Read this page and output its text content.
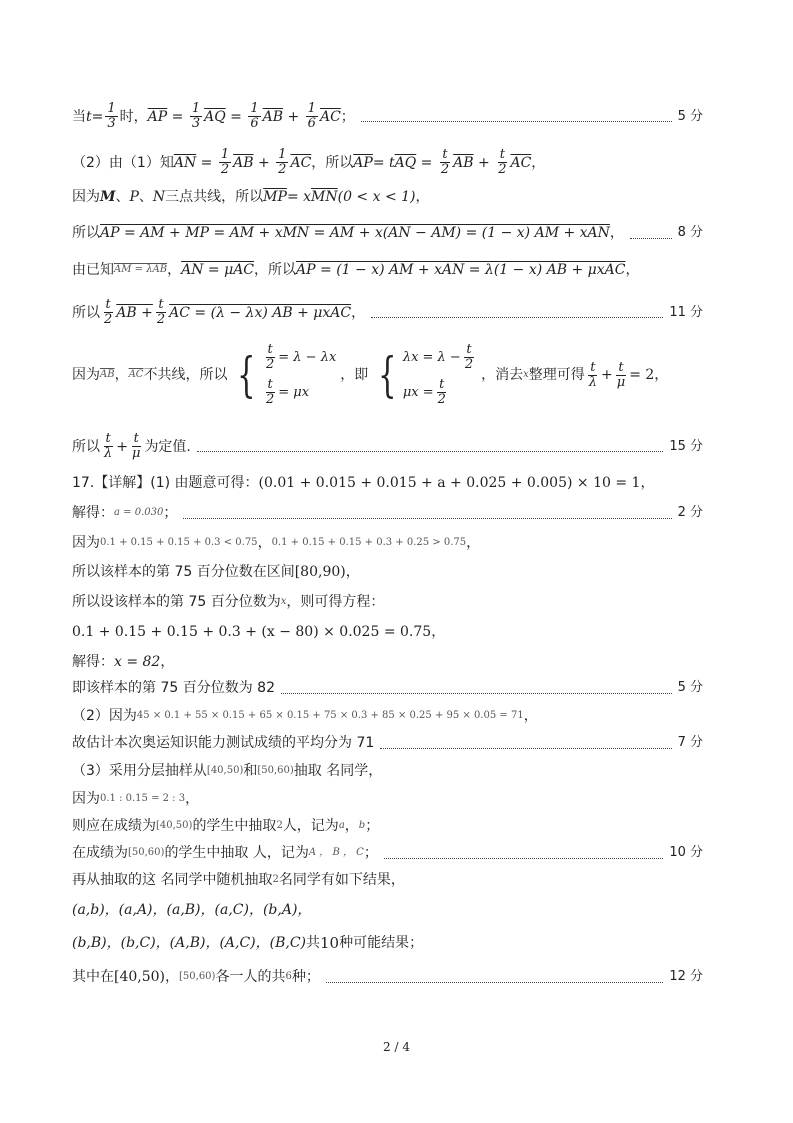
当 $t = \frac{1}{3}$ 时， $\overline{AP} = \frac{1}{3} \overline{AQ} = \frac{1}{6} \overline{AB} + \frac{1}{6} \overline{AC}$ ；	5 分
（2）由（1）知 $\overline{AN} = \frac{1}{2} \overline{AB} + \frac{1}{2} \overline{AC}$ ，所以 $\overline{AP} = t$ $\overline{AQ} = \frac{t}{2} \overline{AB} + \frac{t}{2} \overline{AC}$ ，
因为 M 、 P 、 N 三点共线，所以 $\overline{MP} = x$ $\overline{MN}$ (0 < x < 1) ，
所以 AP = AM + MP = AM + xMN = AM + x(AN − AM) = (1 − x) AM + xAN ，	8 分
由已知 AM = λAB ， AN = μAC ，所以 AP = (1 − x) AM + xAN = λ(1 − x) AB + μxAC ，
所以 $\frac{t}{2}$ AB + $\frac{t}{2}$ AC = (λ − λx) AB + μxAC ，	11 分
因为 $\overline{AB}$ ， $\overline{AC}$ 不共线，所以 { $\frac{t}{2} = \lambda - \lambda x$
$\frac{t}{2} = \mu x$
，即 { $\lambda x = \lambda - \frac{t}{2}$
$\mu x = \frac{t}{2}$
，消去 x 整理可得 $\frac{t}{\lambda} + \frac{t}{\mu} = 2$ ，
所以 $\frac{t}{\lambda} + \frac{t}{\mu}$ 为定值.	15 分
17.【详解】(1) 由题意可得： (0.01 + 0.015 + 0.015 + a + 0.025 + 0.005) × 10 = 1 ，
解得： a = 0.030 ；	2 分
因为 0.1 + 0.15 + 0.15 + 0.3 < 0.75 ， 0.1 + 0.15 + 0.15 + 0.3 + 0.25 > 0.75 ，
所以该样本的第 75 百分位数在区间 [80,90) ，
所以设该样本的第 75 百分位数为 x ，则可得方程：
0.1 + 0.15 + 0.15 + 0.3 + (x − 80) × 0.025 = 0.75 ，
解得： x = 82 ，
即该样本的第 75 百分位数为 82	5 分
（2）因为 45 × 0.1 + 55 × 0.15 + 65 × 0.15 + 75 × 0.3 + 85 × 0.25 + 95 × 0.05 = 71 ，
故估计本次奥运知识能力测试成绩的平均分为 71	7 分
（3）采用分层抽样从 [40,50) 和 [50,60) 抽取 名同学，
因为 0.1 : 0.15 = 2 : 3 ，
则应在成绩为 [40,50) 的学生中抽取 2 人，记为 a ， b ；
在成绩为 [50,60) 的学生中抽取 人，记为 A ， B ， C ；	10 分
再从抽取的这 名同学中随机抽取 2 名同学有如下结果，
(a,b)，(a,A)，(a,B)，(a,C)，(b,A)，
(b,B)，(b,C)，(A,B)，(A,C)，(B,C) 共 10 种可能结果；
其中在 [40,50) ， [50,60) 各一人的共 6 种；	12 分
2 / 4
